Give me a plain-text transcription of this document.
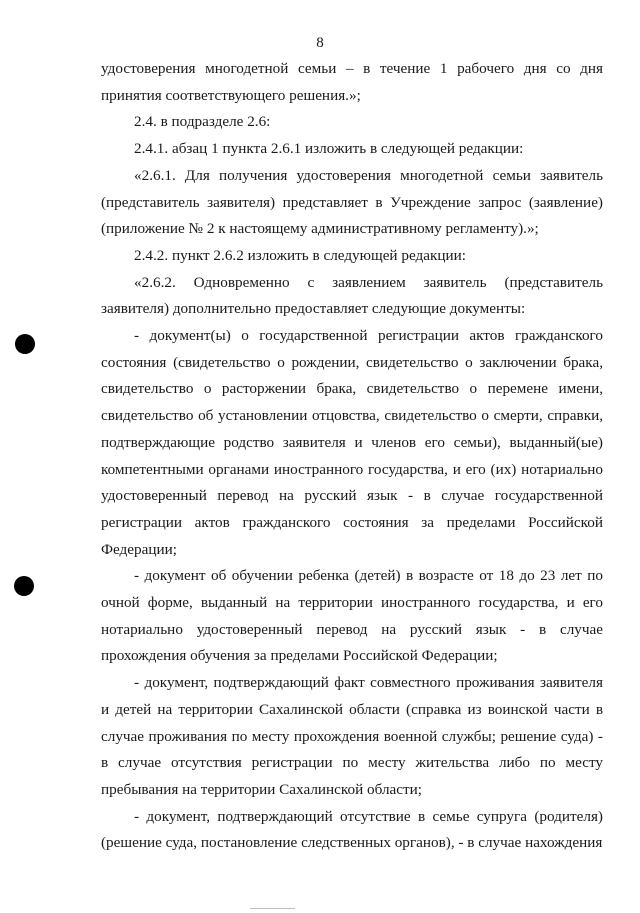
8

удостоверения многодетной семьи – в течение 1 рабочего дня со дня принятия соответствующего решения.»;

2.4. в подразделе 2.6:

2.4.1. абзац 1 пункта 2.6.1 изложить в следующей редакции:

«2.6.1. Для получения удостоверения многодетной семьи заявитель (представитель заявителя) представляет в Учреждение запрос (заявление) (приложение № 2 к настоящему административному регламенту).»;

2.4.2. пункт 2.6.2 изложить в следующей редакции:

«2.6.2. Одновременно с заявлением заявитель (представитель заявителя) дополнительно предоставляет следующие документы:

- документ(ы) о государственной регистрации актов гражданского состояния (свидетельство о рождении, свидетельство о заключении брака, свидетельство о расторжении брака, свидетельство о перемене имени, свидетельство об установлении отцовства, свидетельство о смерти, справки, подтверждающие родство заявителя и членов его семьи), выданный(ые) компетентными органами иностранного государства, и его (их) нотариально удостоверенный перевод на русский язык - в случае государственной регистрации актов гражданского состояния за пределами Российской Федерации;

- документ об обучении ребенка (детей) в возрасте от 18 до 23 лет по очной форме, выданный на территории иностранного государства, и его нотариально удостоверенный перевод на русский язык - в случае прохождения обучения за пределами Российской Федерации;

- документ, подтверждающий факт совместного проживания заявителя и детей на территории Сахалинской области (справка из воинской части в случае проживания по месту прохождения военной службы; решение суда) - в случае отсутствия регистрации по месту жительства либо по месту пребывания на территории Сахалинской области;

- документ, подтверждающий отсутствие в семье супруга (родителя) (решение суда, постановление следственных органов), - в случае нахождения
